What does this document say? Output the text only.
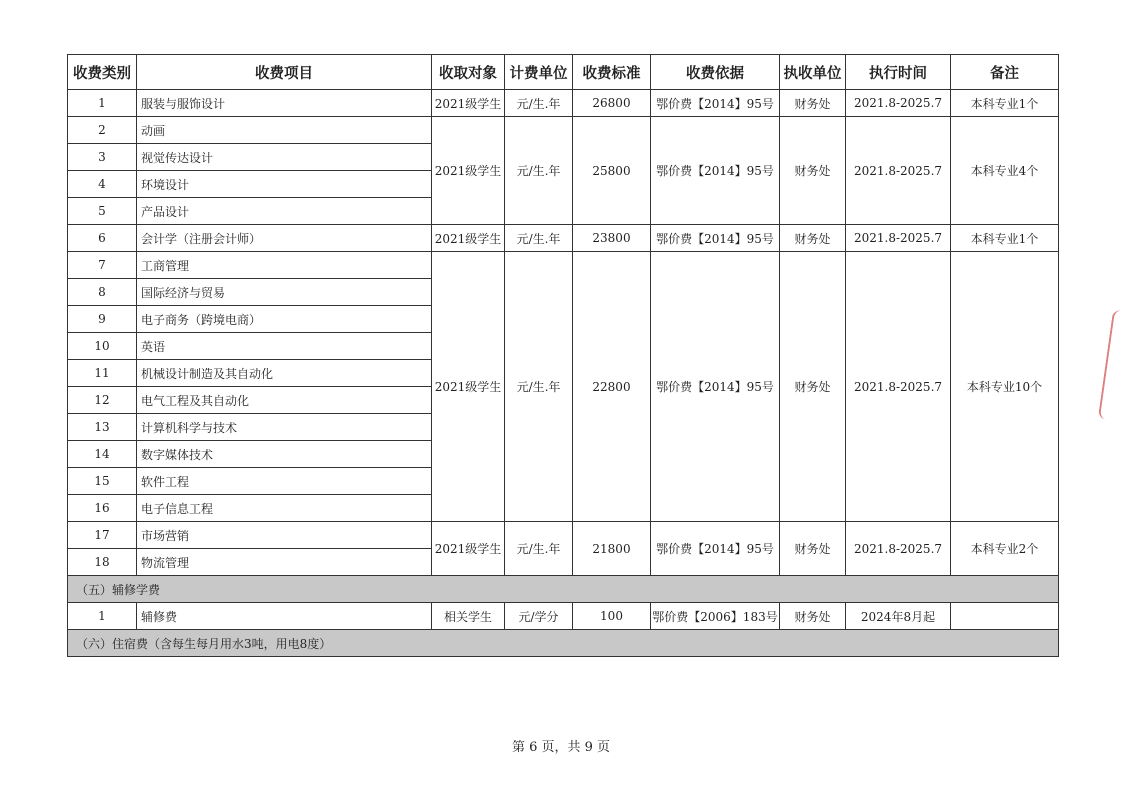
收费类别	收费项目	收取对象	计费单位	收费标准	收费依据	执收单位	执行时间	备注
1	服装与服饰设计	2021级学生	元/生.年	26800	鄂价费【2014】95号	财务处	2021.8-2025.7	本科专业1个
2	动画	2021级学生	元/生.年	25800	鄂价费【2014】95号	财务处	2021.8-2025.7	本科专业4个
3	视觉传达设计							
4	环境设计							
5	产品设计							
6	会计学（注册会计师）	2021级学生	元/生.年	23800	鄂价费【2014】95号	财务处	2021.8-2025.7	本科专业1个
7	工商管理	2021级学生	元/生.年	22800	鄂价费【2014】95号	财务处	2021.8-2025.7	本科专业10个
8	国际经济与贸易							
9	电子商务（跨境电商）							
10	英语							
11	机械设计制造及其自动化							
12	电气工程及其自动化							
13	计算机科学与技术							
14	数字媒体技术							
15	软件工程							
16	电子信息工程							
17	市场营销	2021级学生	元/生.年	21800	鄂价费【2014】95号	财务处	2021.8-2025.7	本科专业2个
18	物流管理							
（五）辅修学费								
1	辅修费	相关学生	元/学分	100	鄂价费【2006】183号	财务处	2024年8月起	
（六）住宿费（含每生每月用水3吨，用电8度）								
第 6 页，共 9 页
